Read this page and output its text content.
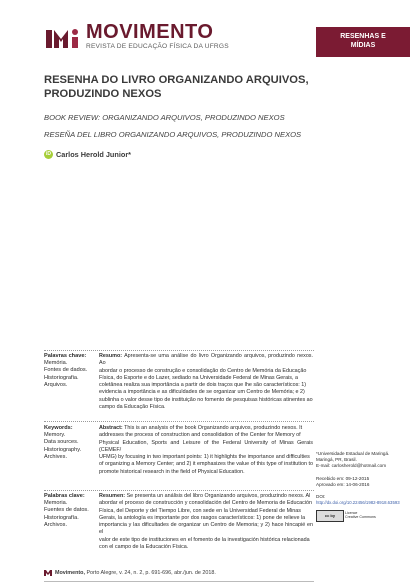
MOVIMENTO
REVISTA DE EDUCAÇÃO FÍSICA DA UFRGS
RESENHAS E
MÍDIAS
RESENHA DO LIVRO ORGANIZANDO ARQUIVOS,
PRODUZINDO NEXOS
BOOK REVIEW: ORGANIZANDO ARQUIVOS, PRODUZINDO NEXOS
RESEÑA DEL LIBRO ORGANIZANDO ARQUIVOS, PRODUZINDO NEXOS
iD Carlos Herold Junior*
Palavras chave:
Memória.
Fontes de dados.
Historiografia.
Arquivos.
Resumo: Apresenta-se uma análise do livro Organizando arquivos, produzindo nexos. Ao
abordar o processo de construção e consolidação do Centro de Memória da Educação
Física, do Esporte e do Lazer, sediado na Universidade Federal de Minas Gerais, a
coletânea realiza sua importância a partir de dois traços que lhe são característicos: 1)
evidencia a importância e as dificuldades de se organizar um Centro de Memória; e 2)
sublinha o valor desse tipo de instituição no fomento de pesquisas históricas atinentes ao
campo da Educação Física.
Keywords:
Memory.
Data sources.
Historiography.
Archives.
Abstract: This is an analysis of the book Organizando arquivos, produzindo nexos. It
addresses the process of construction and consolidation of the Center for Memory of
Physical Education, Sports and Leisure of the Federal University of Minas Gerais (CEMEF/
UFMG) by focusing in two important points: 1) it highlights the importance and difficulties
of organizing a Memory Center; and 2) it emphasizes the value of this type of institution to
promote historical research in the field of Physical Education.
Palabras clave:
Memoria.
Fuentes de datos.
Historiografía.
Archivos.
Resumen: Se presenta un análisis del libro Organizando arquivos, produzindo nexos. Al
abordar el proceso de construcción y consolidación del Centro de Memoria de Educación
Física, del Deporte y del Tiempo Libre, con sede en la Universidad Federal de Minas
Gerais, la antología es importante por dos rasgos característicos: 1) pone de relieve la
importancia y las dificultades de organizar un Centro de Memoria; y 2) hace hincapié en el
valor de este tipo de instituciones en el fomento de la investigación histórica relacionada
con el campo de la Educación Física.
*Universidade Estadual de Maringá.
Maringá, PR, Brasil.
E-mail: carlosherold@hotmail.com
Recebido em: 09-12-2015
Aprovado em: 14-06-2016
DOI:
http://dx.doi.org/10.22456/1982-8918.63593
cc by	Licence
Creative Commons
Movimento, Porto Alegre, v. 24, n. 2, p. 691-696, abr./jun. de 2018.
